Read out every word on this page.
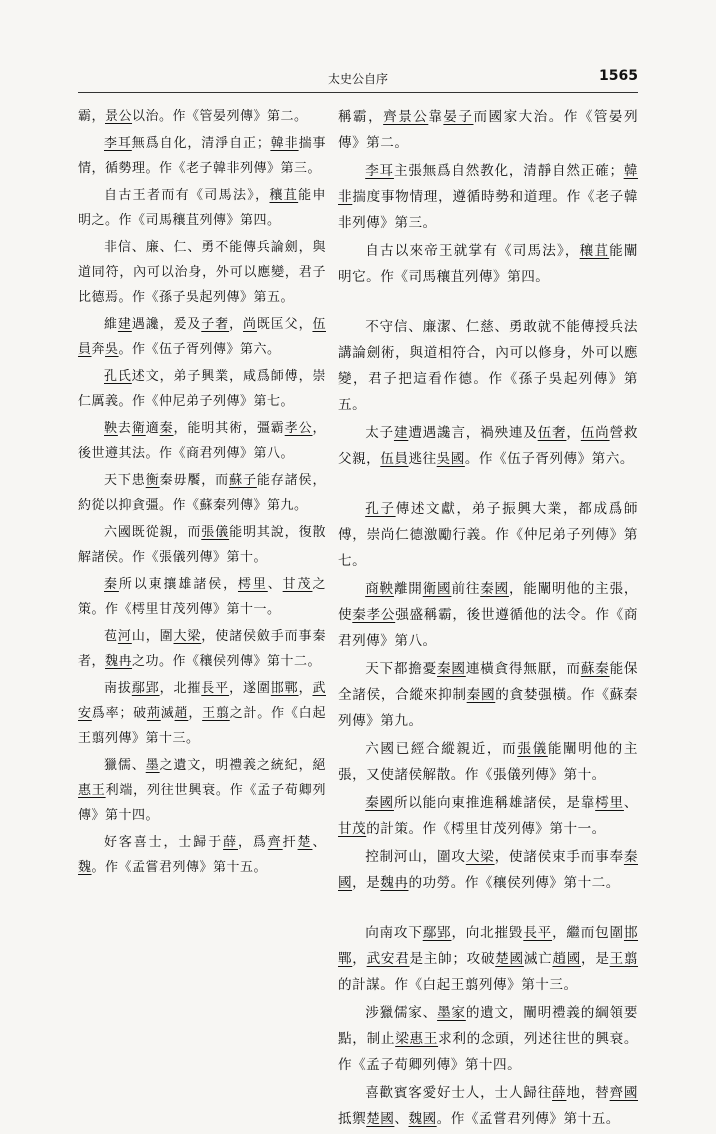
太史公自序	1565

霸，景公以治。作《管晏列傳》第二。

李耳無爲自化，清淨自正；韓非揣事情，循勢理。作《老子韓非列傳》第三。

自古王者而有《司馬法》，穰苴能申明之。作《司馬穰苴列傳》第四。

非信、廉、仁、勇不能傳兵論劍，與道同符，內可以治身，外可以應變，君子比德焉。作《孫子吳起列傳》第五。

維建遇讒，爰及子奢，尚既匡父，伍員奔吳。作《伍子胥列傳》第六。

孔氏述文，弟子興業，咸爲師傅，崇仁厲義。作《仲尼弟子列傳》第七。

鞅去衛適秦，能明其術，彊霸孝公，後世遵其法。作《商君列傳》第八。

天下患衡秦毋饜，而蘇子能存諸侯，約從以抑貪彊。作《蘇秦列傳》第九。

六國既從親，而張儀能明其說，復散解諸侯。作《張儀列傳》第十。

秦所以東攘雄諸侯，樗里、甘茂之策。作《樗里甘茂列傳》第十一。

苞河山，圍大梁，使諸侯斂手而事秦者，魏冉之功。作《穰侯列傳》第十二。

南拔鄢郢，北摧長平，遂圍邯鄲，武安爲率；破荊滅趙，王翦之計。作《白起王翦列傳》第十三。

獵儒、墨之遺文，明禮義之統紀，絕惠王利端，列往世興衰。作《孟子荀卿列傳》第十四。

好客喜士，士歸于薛，爲齊扞楚、魏。作《孟嘗君列傳》第十五。

稱霸，齊景公靠晏子而國家大治。作《管晏列傳》第二。

李耳主張無爲自然教化，清靜自然正確；韓非揣度事物情理，遵循時勢和道理。作《老子韓非列傳》第三。

自古以來帝王就掌有《司馬法》，穰苴能闡明它。作《司馬穰苴列傳》第四。

不守信、廉潔、仁慈、勇敢就不能傳授兵法講論劍術，與道相符合，內可以修身，外可以應變，君子把這看作德。作《孫子吳起列傳》第五。

太子建遭遇讒言，禍殃連及伍奢，伍尚營救父親，伍員逃往吳國。作《伍子胥列傳》第六。

孔子傳述文獻，弟子振興大業，都成爲師傅，崇尚仁德激勵行義。作《仲尼弟子列傳》第七。

商鞅離開衛國前往秦國，能闡明他的主張，使秦孝公强盛稱霸，後世遵循他的法令。作《商君列傳》第八。

天下都擔憂秦國連橫貪得無厭，而蘇秦能保全諸侯，合縱來抑制秦國的貪婪强橫。作《蘇秦列傳》第九。

六國已經合縱親近，而張儀能闡明他的主張，又使諸侯解散。作《張儀列傳》第十。

秦國所以能向東推進稱雄諸侯，是靠樗里、甘茂的計策。作《樗里甘茂列傳》第十一。

控制河山，圍攻大梁，使諸侯束手而事奉秦國，是魏冉的功勞。作《穰侯列傳》第十二。

向南攻下鄢郢，向北摧毀長平，繼而包圍邯鄲，武安君是主帥；攻破楚國滅亡趙國，是王翦的計謀。作《白起王翦列傳》第十三。

涉獵儒家、墨家的遺文，闡明禮義的綱領要點，制止梁惠王求利的念頭，列述往世的興衰。作《孟子荀卿列傳》第十四。

喜歡賓客愛好士人，士人歸往薛地，替齊國抵禦楚國、魏國。作《孟嘗君列傳》第十五。
